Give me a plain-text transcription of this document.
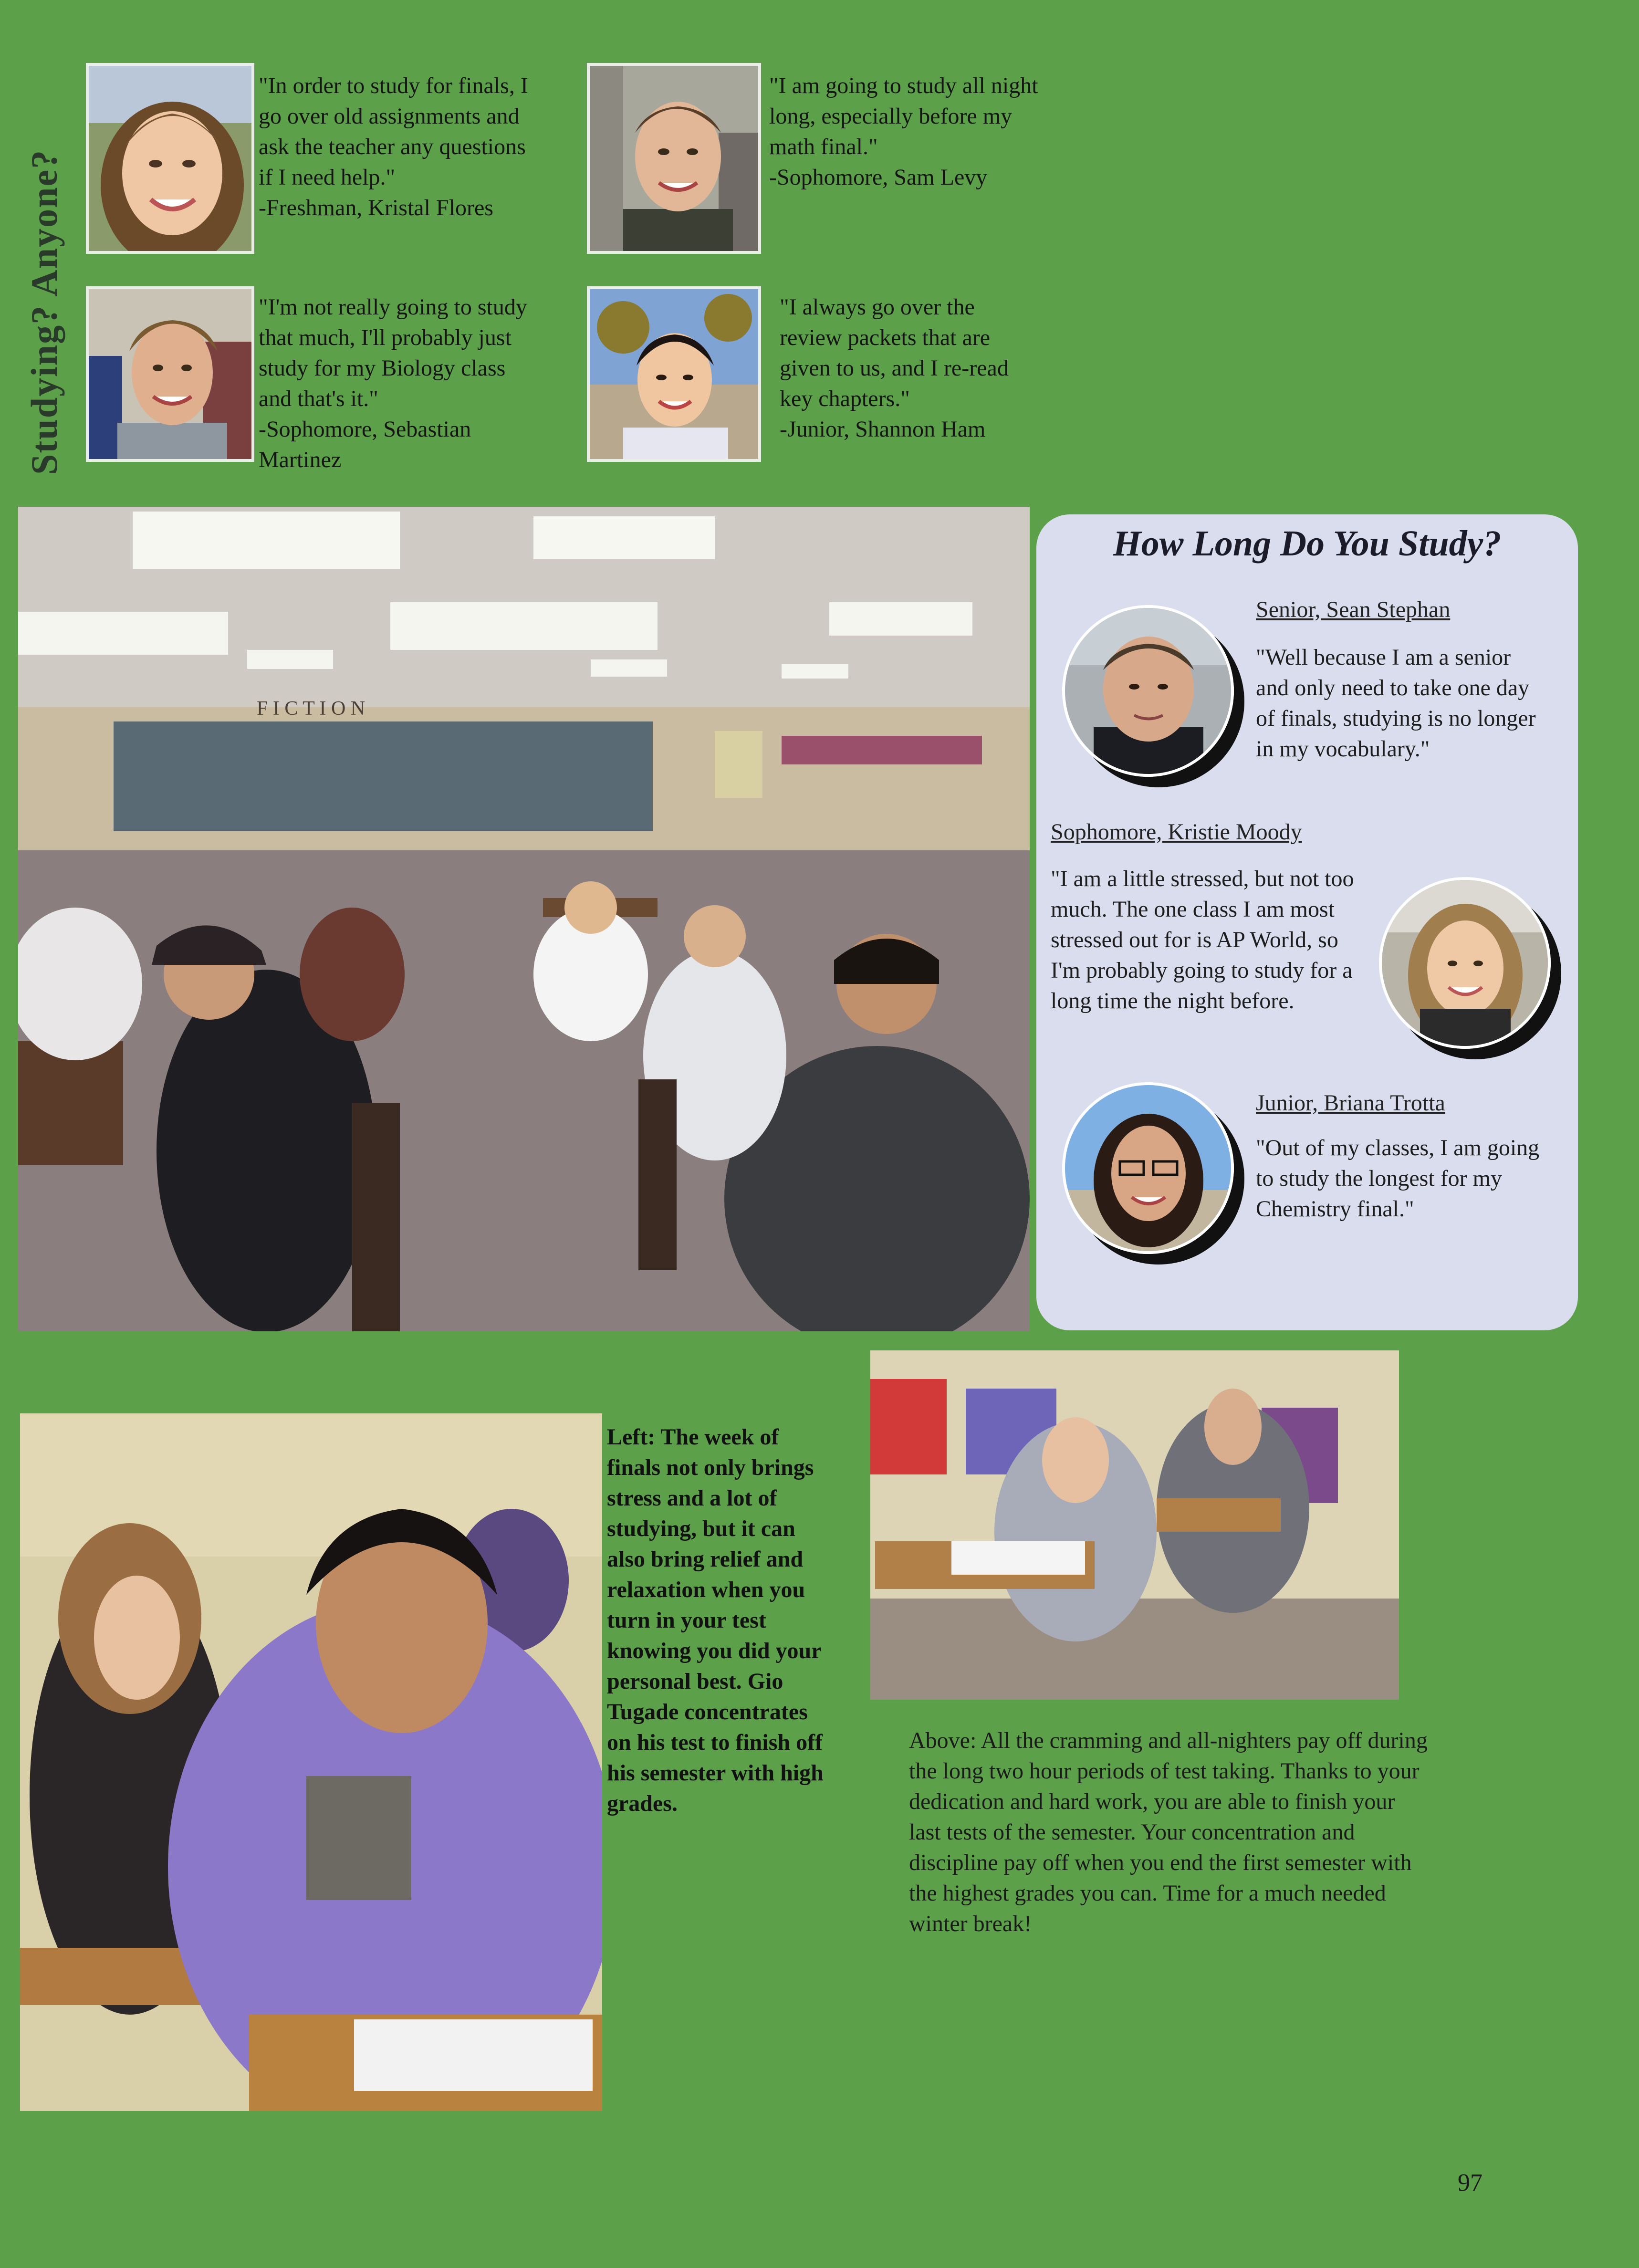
Studying? Anyone?
"In order to study for finals, I
go over old assignments and
ask the teacher any questions
if I need help."
-Freshman, Kristal Flores
"I am going to study all night
long, especially before my
math final."
-Sophomore, Sam Levy
"I'm not really going to study
that much, I'll probably just
study for my Biology class
and that's it."
-Sophomore, Sebastian
Martinez
"I always go over the
review packets that are
given to us, and I re-read
key chapters."
-Junior, Shannon Ham
F I C T I O N
How Long Do You Study?
Senior, Sean Stephan
"Well because I am a senior and only need to take one day of finals, studying is no longer in my vocabulary."
Sophomore, Kristie Moody
"I am a little stressed, but not too much. The one class I am most stressed out for is AP World, so I'm probably going to study for a long time the night before.
Junior, Briana Trotta
"Out of my classes, I am going to study the longest for my Chemistry final."
Left: The week of finals not only brings stress and a lot of studying, but it can also bring relief and relaxation when you turn in your test knowing you did your personal best. Gio Tugade concentrates on his test to finish off his semester with high grades.
Above: All the cramming and all-nighters pay off during the long two hour periods of test taking. Thanks to your dedication and hard work, you are able to finish your last tests of the semester. Your concentration and discipline pay off when you end the first semester with the highest grades you can. Time for a much needed winter break!
97
